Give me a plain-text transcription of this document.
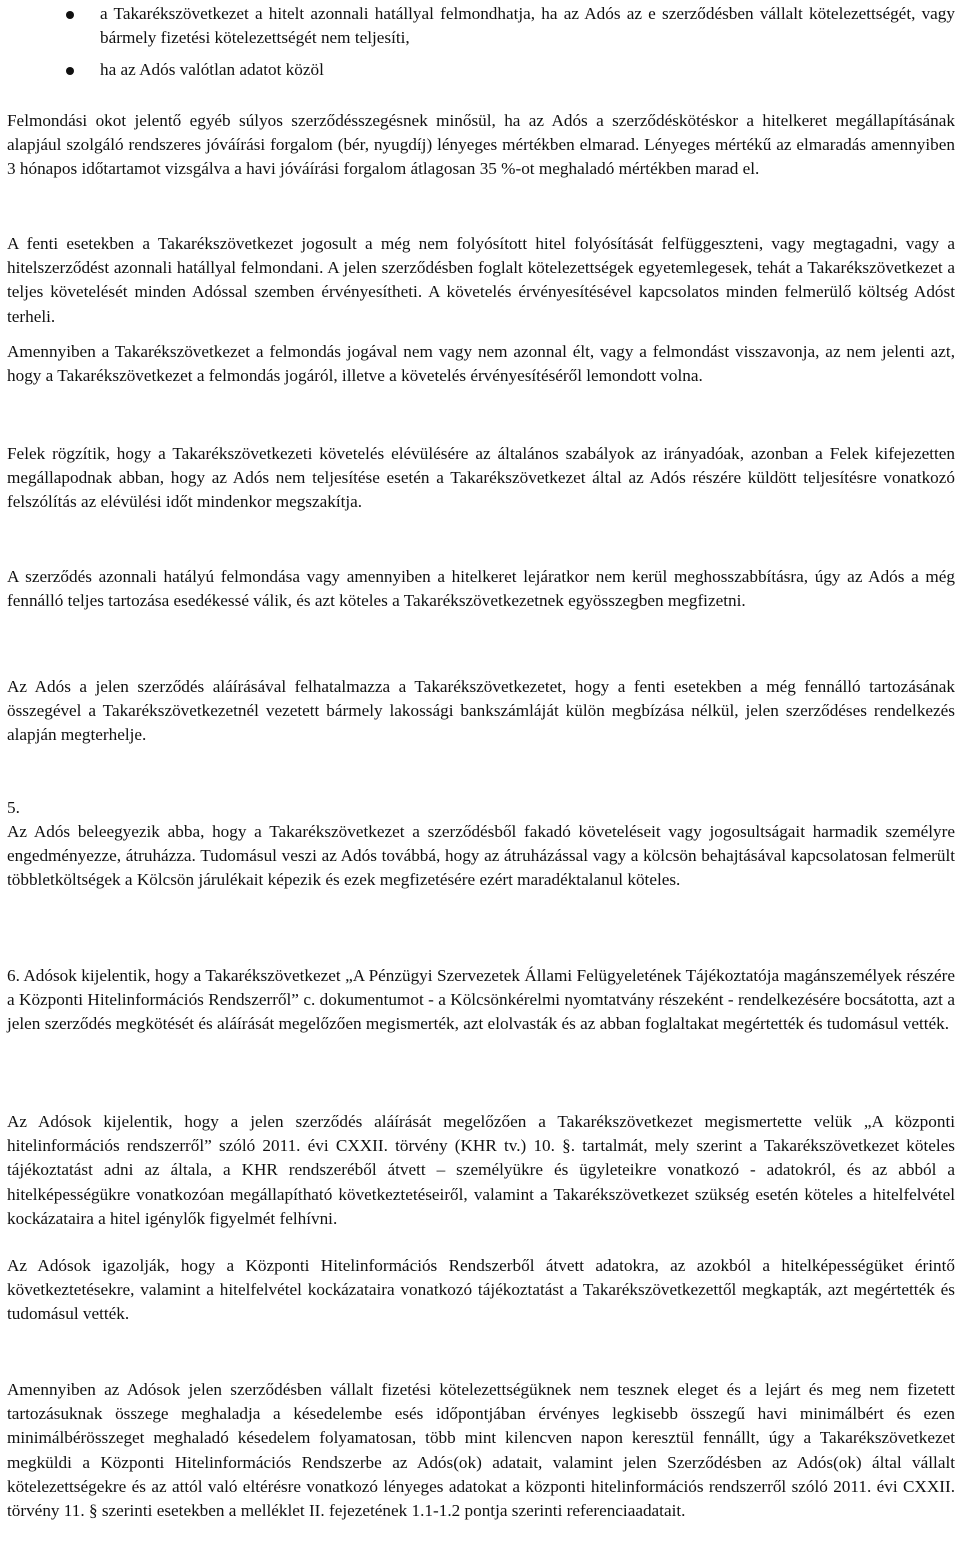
a Takarékszövetkezet a hitelt azonnali hatállyal felmondhatja, ha az Adós az e szerződésben vállalt kötelezettségét, vagy bármely fizetési kötelezettségét nem teljesíti,

ha az Adós valótlan adatot közöl

Felmondási okot jelentő egyéb súlyos szerződésszegésnek minősül, ha az Adós a szerződéskötéskor a hitelkeret megállapításának alapjául szolgáló rendszeres jóváírási forgalom (bér, nyugdíj) lényeges mértékben elmarad. Lényeges mértékű az elmaradás amennyiben 3 hónapos időtartamot vizsgálva a havi jóváírási forgalom átlagosan 35 %-ot meghaladó mértékben marad el.

A fenti esetekben a Takarékszövetkezet jogosult a még nem folyósított hitel folyósítását felfüggeszteni, vagy megtagadni, vagy a hitelszerződést azonnali hatállyal felmondani. A jelen szerződésben foglalt kötelezettségek egyetemlegesek, tehát a Takarékszövetkezet a teljes követelését minden Adóssal szemben érvényesítheti. A követelés érvényesítésével kapcsolatos minden felmerülő költség Adóst terheli.

Amennyiben a Takarékszövetkezet a felmondás jogával nem vagy nem azonnal élt, vagy a felmondást visszavonja, az nem jelenti azt, hogy a Takarékszövetkezet a felmondás jogáról, illetve a követelés érvényesítéséről lemondott volna.

Felek rögzítik, hogy a Takarékszövetkezeti követelés elévülésére az általános szabályok az irányadóak, azonban a Felek kifejezetten megállapodnak abban, hogy az Adós nem teljesítése esetén a Takarékszövetkezet által az Adós részére küldött teljesítésre vonatkozó felszólítás az elévülési időt mindenkor megszakítja.

A szerződés azonnali hatályú felmondása vagy amennyiben a hitelkeret lejáratkor nem kerül meghosszabbításra, úgy az Adós a még fennálló teljes tartozása esedékessé válik, és azt köteles a Takarékszövetkezetnek egyösszegben megfizetni.

Az Adós a jelen szerződés aláírásával felhatalmazza a Takarékszövetkezetet, hogy a fenti esetekben a még fennálló tartozásának összegével a Takarékszövetkezetnél vezetett bármely lakossági bankszámláját külön megbízása nélkül, jelen szerződéses rendelkezés alapján megterhelje.

5.

Az Adós beleegyezik abba, hogy a Takarékszövetkezet a szerződésből fakadó követeléseit vagy jogosultságait harmadik személyre engedményezze, átruházza. Tudomásul veszi az Adós továbbá, hogy az átruházással vagy a kölcsön behajtásával kapcsolatosan felmerült többletköltségek a Kölcsön járulékait képezik és ezek megfizetésére ezért maradéktalanul köteles.

6. Adósok kijelentik, hogy a Takarékszövetkezet „A Pénzügyi Szervezetek Állami Felügyeletének Tájékoztatója magánszemélyek részére a Központi Hitelinformációs Rendszerről” c. dokumentumot - a Kölcsönkérelmi nyomtatvány részeként - rendelkezésére bocsátotta, azt a jelen szerződés megkötését és aláírását megelőzően megismerték, azt elolvasták és az abban foglaltakat megértették és tudomásul vették.

Az Adósok kijelentik, hogy a jelen szerződés aláírását megelőzően a Takarékszövetkezet megismertette velük „A központi hitelinformációs rendszerről” szóló 2011. évi CXXII. törvény (KHR tv.) 10. §. tartalmát, mely szerint a Takarékszövetkezet köteles tájékoztatást adni az általa, a KHR rendszeréből átvett – személyükre és ügyleteikre vonatkozó - adatokról, és az abból a hitelképességükre vonatkozóan megállapítható következtetéseiről, valamint a Takarékszövetkezet szükség esetén köteles a hitelfelvétel kockázataira a hitel igénylők figyelmét felhívni.

Az Adósok igazolják, hogy a Központi Hitelinformációs Rendszerből átvett adatokra, az azokból a hitelképességüket érintő következtetésekre, valamint a hitelfelvétel kockázataira vonatkozó tájékoztatást a Takarékszövetkezettől megkapták, azt megértették és tudomásul vették.

Amennyiben az Adósok jelen szerződésben vállalt fizetési kötelezettségüknek nem tesznek eleget és a lejárt és meg nem fizetett tartozásuknak összege meghaladja a késedelembe esés időpontjában érvényes legkisebb összegű havi minimálbért és ezen minimálbérösszeget meghaladó késedelem folyamatosan, több mint kilencven napon keresztül fennállt, úgy a Takarékszövetkezet megküldi a Központi Hitelinformációs Rendszerbe az Adós(ok) adatait, valamint jelen Szerződésben az Adós(ok) által vállalt kötelezettségekre és az attól való eltérésre vonatkozó lényeges adatokat a központi hitelinformációs rendszerről szóló 2011. évi CXXII. törvény 11. § szerinti esetekben a melléklet II. fejezetének 1.1-1.2 pontja szerinti referenciaadatait.
